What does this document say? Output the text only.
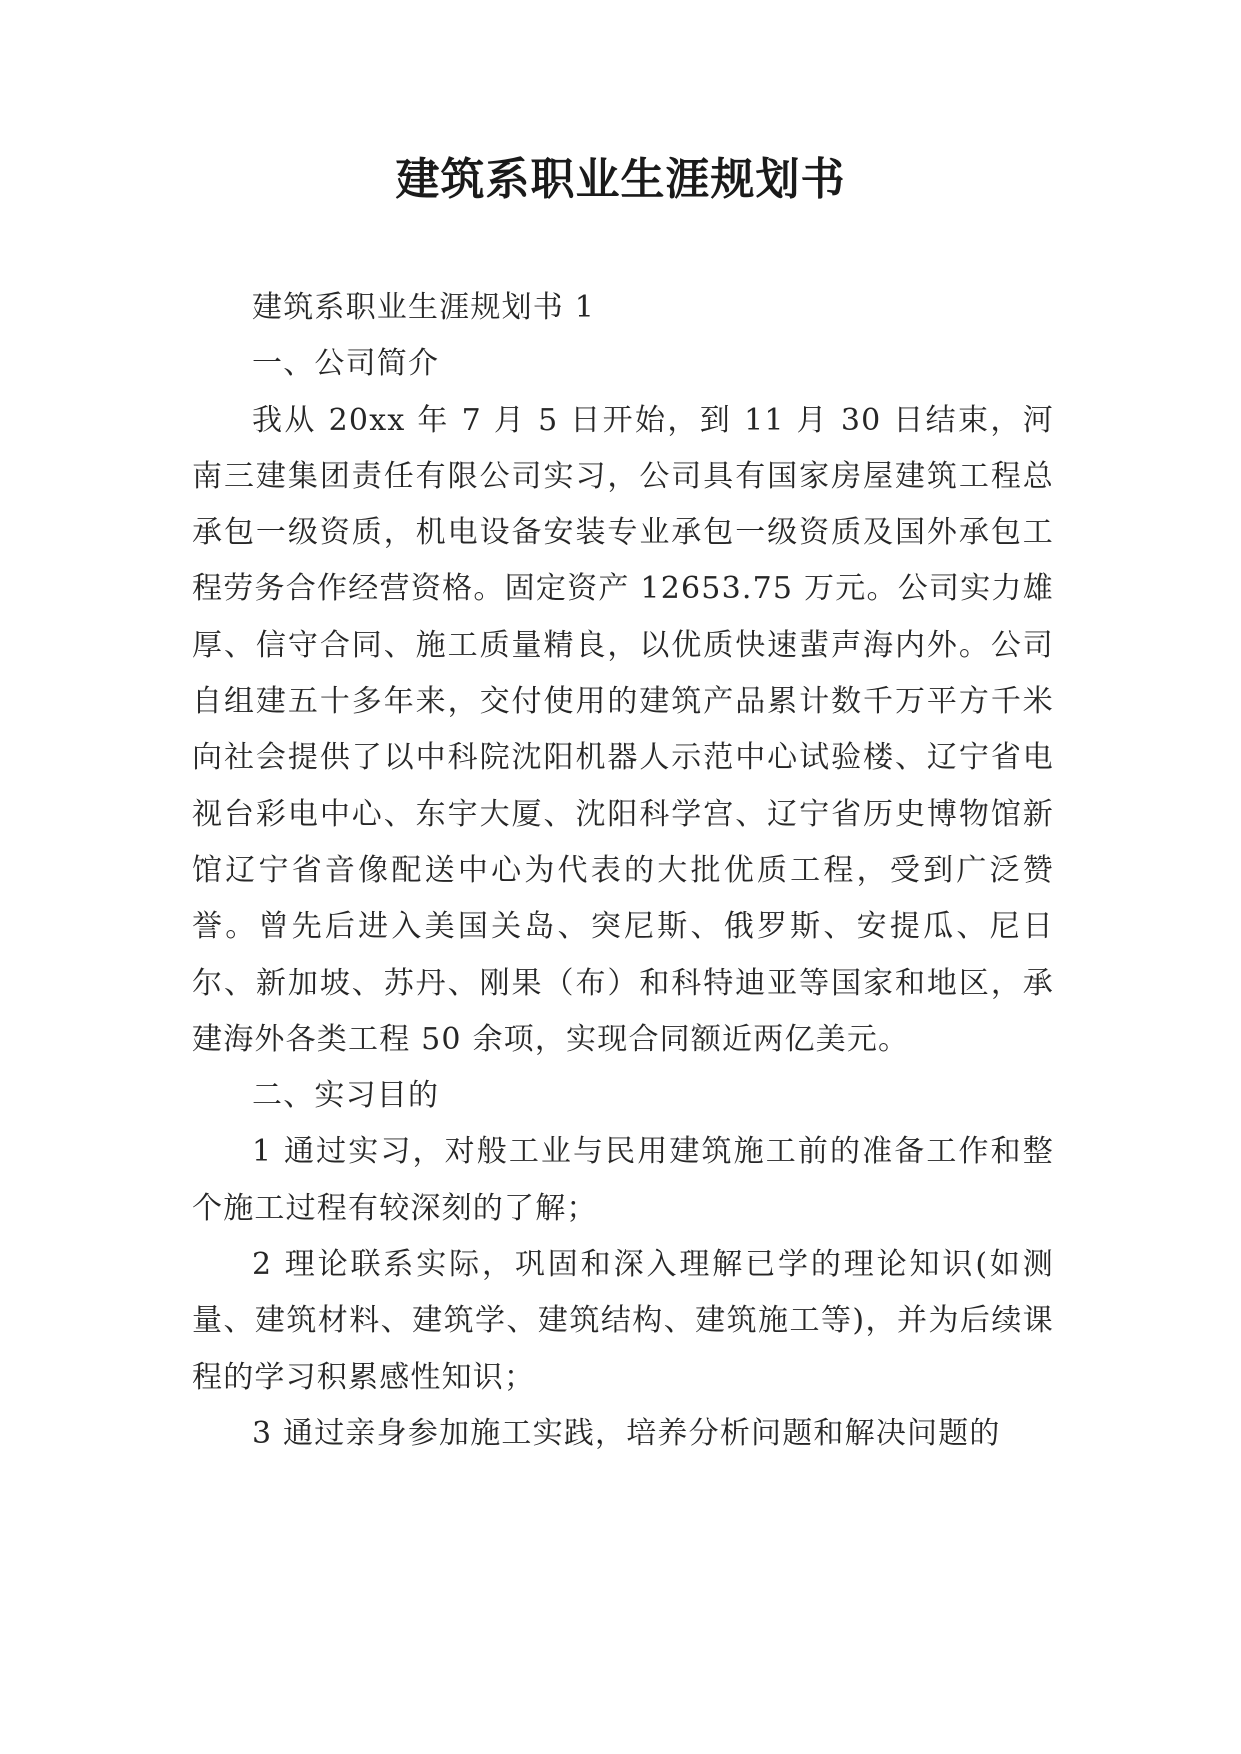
建筑系职业生涯规划书

建筑系职业生涯规划书 1

一、公司简介

我从 20xx 年 7 月 5 日开始，到 11 月 30 日结束，河南三建集团责任有限公司实习，公司具有国家房屋建筑工程总承包一级资质，机电设备安装专业承包一级资质及国外承包工程劳务合作经营资格。固定资产 12653.75 万元。公司实力雄厚、信守合同、施工质量精良，以优质快速蜚声海内外。公司自组建五十多年来，交付使用的建筑产品累计数千万平方千米向社会提供了以中科院沈阳机器人示范中心试验楼、辽宁省电视台彩电中心、东宇大厦、沈阳科学宫、辽宁省历史博物馆新馆辽宁省音像配送中心为代表的大批优质工程，受到广泛赞誉。曾先后进入美国关岛、突尼斯、俄罗斯、安提瓜、尼日尔、新加坡、苏丹、刚果（布）和科特迪亚等国家和地区，承建海外各类工程 50 余项，实现合同额近两亿美元。

二、实习目的

1 通过实习，对般工业与民用建筑施工前的准备工作和整个施工过程有较深刻的了解；

2 理论联系实际，巩固和深入理解已学的理论知识(如测量、建筑材料、建筑学、建筑结构、建筑施工等)，并为后续课程的学习积累感性知识；

3 通过亲身参加施工实践，培养分析问题和解决问题的
